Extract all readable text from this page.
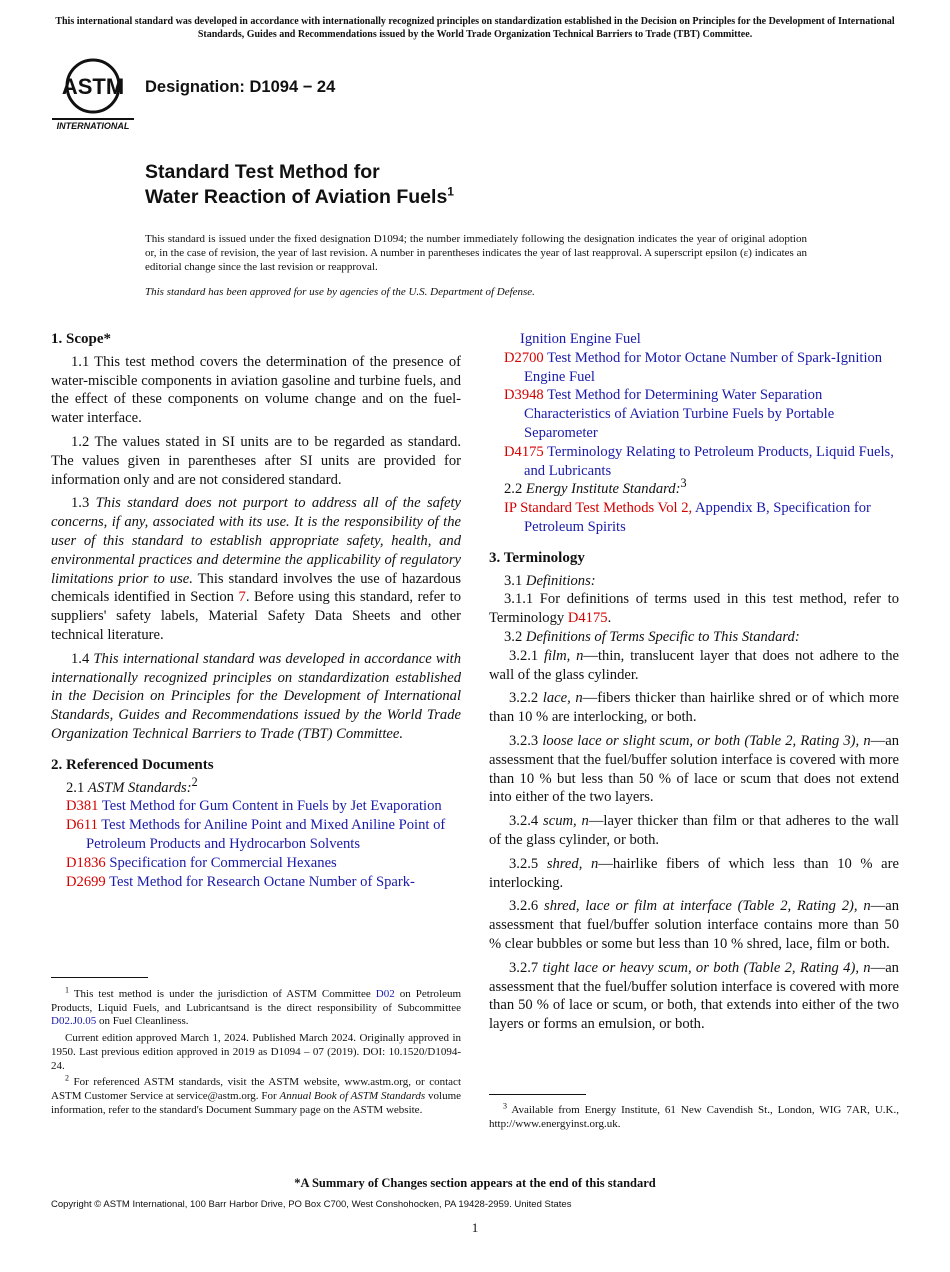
This international standard was developed in accordance with internationally recognized principles on standardization established in the Decision on Principles for the Development of International Standards, Guides and Recommendations issued by the World Trade Organization Technical Barriers to Trade (TBT) Committee.
ASTM
INTERNATIONAL
Designation: D1094 − 24
Standard Test Method for
Water Reaction of Aviation Fuels$^1$
This standard is issued under the fixed designation D1094; the number immediately following the designation indicates the year of original adoption or, in the case of revision, the year of last revision. A number in parentheses indicates the year of last reapproval. A superscript epsilon (ε) indicates an editorial change since the last revision or reapproval.
This standard has been approved for use by agencies of the U.S. Department of Defense.

1. Scope*

1.1 This test method covers the determination of the presence of water-miscible components in aviation gasoline and turbine fuels, and the effect of these components on volume change and on the fuel-water interface.

1.2 The values stated in SI units are to be regarded as standard. The values given in parentheses after SI units are provided for information only and are not considered standard.

1.3 This standard does not purport to address all of the safety concerns, if any, associated with its use. It is the responsibility of the user of this standard to establish appropriate safety, health, and environmental practices and determine the applicability of regulatory limitations prior to use. This standard involves the use of hazardous chemicals identified in Section 7. Before using this standard, refer to suppliers' safety labels, Material Safety Data Sheets and other technical literature.

1.4 This international standard was developed in accordance with internationally recognized principles on standardization established in the Decision on Principles for the Development of International Standards, Guides and Recommendations issued by the World Trade Organization Technical Barriers to Trade (TBT) Committee.

2. Referenced Documents

2.1 ASTM Standards:$^2$

D381 Test Method for Gum Content in Fuels by Jet Evaporation

D611 Test Methods for Aniline Point and Mixed Aniline Point of Petroleum Products and Hydrocarbon Solvents

D1836 Specification for Commercial Hexanes

D2699 Test Method for Research Octane Number of Spark-

$^1$ This test method is under the jurisdiction of ASTM Committee D02 on Petroleum Products, Liquid Fuels, and Lubricantsand is the direct responsibility of Subcommittee D02.J0.05 on Fuel Cleanliness.

Current edition approved March 1, 2024. Published March 2024. Originally approved in 1950. Last previous edition approved in 2019 as D1094 – 07 (2019). DOI: 10.1520/D1094-24.

$^2$ For referenced ASTM standards, visit the ASTM website, www.astm.org, or contact ASTM Customer Service at service@astm.org. For Annual Book of ASTM Standards volume information, refer to the standard's Document Summary page on the ASTM website.

Ignition Engine Fuel

D2700 Test Method for Motor Octane Number of Spark-Ignition Engine Fuel

D3948 Test Method for Determining Water Separation Characteristics of Aviation Turbine Fuels by Portable Separometer

D4175 Terminology Relating to Petroleum Products, Liquid Fuels, and Lubricants

2.2 Energy Institute Standard:$^3$

IP Standard Test Methods Vol 2, Appendix B, Specification for Petroleum Spirits

3. Terminology

3.1 Definitions:

3.1.1 For definitions of terms used in this test method, refer to Terminology D4175.

3.2 Definitions of Terms Specific to This Standard:

3.2.1 film, n—thin, translucent layer that does not adhere to the wall of the glass cylinder.

3.2.2 lace, n—fibers thicker than hairlike shred or of which more than 10 % are interlocking, or both.

3.2.3 loose lace or slight scum, or both (Table 2, Rating 3), n—an assessment that the fuel/buffer solution interface is covered with more than 10 % but less than 50 % of lace or scum that does not extend into either of the two layers.

3.2.4 scum, n—layer thicker than film or that adheres to the wall of the glass cylinder, or both.

3.2.5 shred, n—hairlike fibers of which less than 10 % are interlocking.

3.2.6 shred, lace or film at interface (Table 2, Rating 2), n—an assessment that fuel/buffer solution interface contains more than 50 % clear bubbles or some but less than 10 % shred, lace, film or both.

3.2.7 tight lace or heavy scum, or both (Table 2, Rating 4), n—an assessment that the fuel/buffer solution interface is covered with more than 50 % of lace or scum, or both, that extends into either of the two layers or forms an emulsion, or both.

$^3$ Available from Energy Institute, 61 New Cavendish St., London, WIG 7AR, U.K., http://www.energyinst.org.uk.

*A Summary of Changes section appears at the end of this standard
Copyright © ASTM International, 100 Barr Harbor Drive, PO Box C700, West Conshohocken, PA 19428-2959. United States
1
